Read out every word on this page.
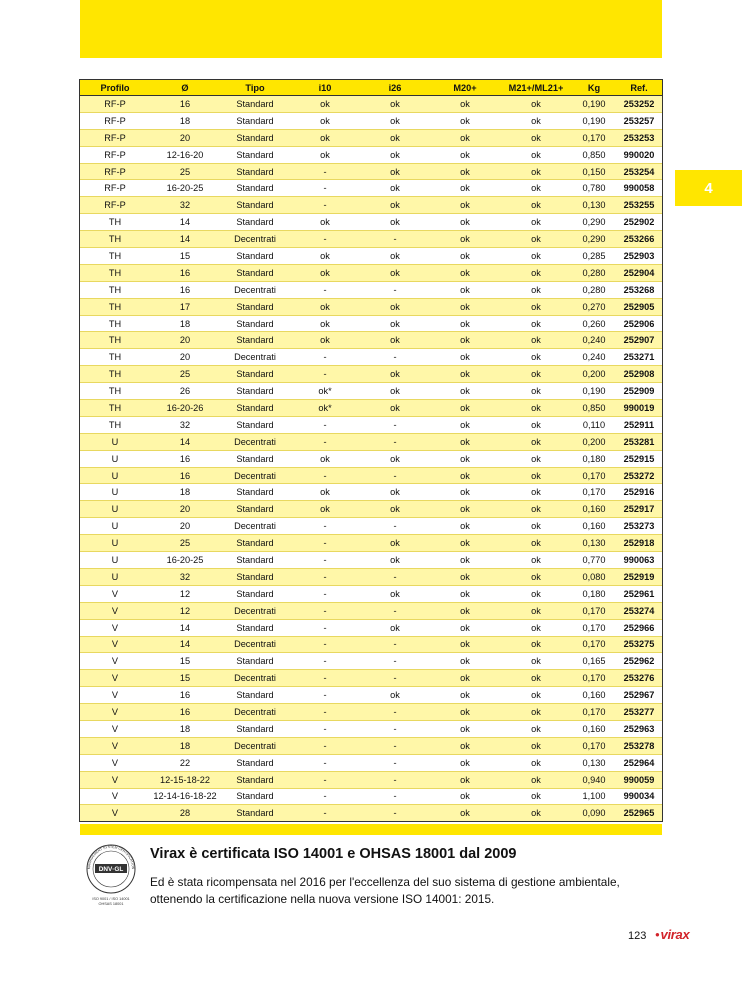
4
Profilo	Ø	Tipo	i10	i26	M20+	M21+/ML21+	Kg	Ref.
RF-P	16	Standard	ok	ok	ok	ok	0,190	253252
RF-P	18	Standard	ok	ok	ok	ok	0,190	253257
RF-P	20	Standard	ok	ok	ok	ok	0,170	253253
RF-P	12-16-20	Standard	ok	ok	ok	ok	0,850	990020
RF-P	25	Standard	-	ok	ok	ok	0,150	253254
RF-P	16-20-25	Standard	-	ok	ok	ok	0,780	990058
RF-P	32	Standard	-	ok	ok	ok	0,130	253255
TH	14	Standard	ok	ok	ok	ok	0,290	252902
TH	14	Decentrati	-	-	ok	ok	0,290	253266
TH	15	Standard	ok	ok	ok	ok	0,285	252903
TH	16	Standard	ok	ok	ok	ok	0,280	252904
TH	16	Decentrati	-	-	ok	ok	0,280	253268
TH	17	Standard	ok	ok	ok	ok	0,270	252905
TH	18	Standard	ok	ok	ok	ok	0,260	252906
TH	20	Standard	ok	ok	ok	ok	0,240	252907
TH	20	Decentrati	-	-	ok	ok	0,240	253271
TH	25	Standard	-	ok	ok	ok	0,200	252908
TH	26	Standard	ok*	ok	ok	ok	0,190	252909
TH	16-20-26	Standard	ok*	ok	ok	ok	0,850	990019
TH	32	Standard	-	-	ok	ok	0,110	252911
U	14	Decentrati	-	-	ok	ok	0,200	253281
U	16	Standard	ok	ok	ok	ok	0,180	252915
U	16	Decentrati	-	-	ok	ok	0,170	253272
U	18	Standard	ok	ok	ok	ok	0,170	252916
U	20	Standard	ok	ok	ok	ok	0,160	252917
U	20	Decentrati	-	-	ok	ok	0,160	253273
U	25	Standard	-	ok	ok	ok	0,130	252918
U	16-20-25	Standard	-	ok	ok	ok	0,770	990063
U	32	Standard	-	-	ok	ok	0,080	252919
V	12	Standard	-	ok	ok	ok	0,180	252961
V	12	Decentrati	-	-	ok	ok	0,170	253274
V	14	Standard	-	ok	ok	ok	0,170	252966
V	14	Decentrati	-	-	ok	ok	0,170	253275
V	15	Standard	-	-	ok	ok	0,165	252962
V	15	Decentrati	-	-	ok	ok	0,170	253276
V	16	Standard	-	ok	ok	ok	0,160	252967
V	16	Decentrati	-	-	ok	ok	0,170	253277
V	18	Standard	-	-	ok	ok	0,160	252963
V	18	Decentrati	-	-	ok	ok	0,170	253278
V	22	Standard	-	-	ok	ok	0,130	252964
V	12-15-18-22	Standard	-	-	ok	ok	0,940	990059
V	12-14-16-18-22	Standard	-	-	ok	ok	1,100	990034
V	28	Standard	-	-	ok	ok	0,090	252965
MANAGEMENT SYSTEM CERTIFICATION
DNV·GL
ISO 9001 / ISO 14001
OHSAS 18001
Virax è certificata ISO 14001 e OHSAS 18001 dal 2009
Ed è stata ricompensata nel 2016 per l'eccellenza del suo sistema di gestione ambientale, ottenendo la certificazione nella nuova versione ISO 14001: 2015.
123 ●virax
